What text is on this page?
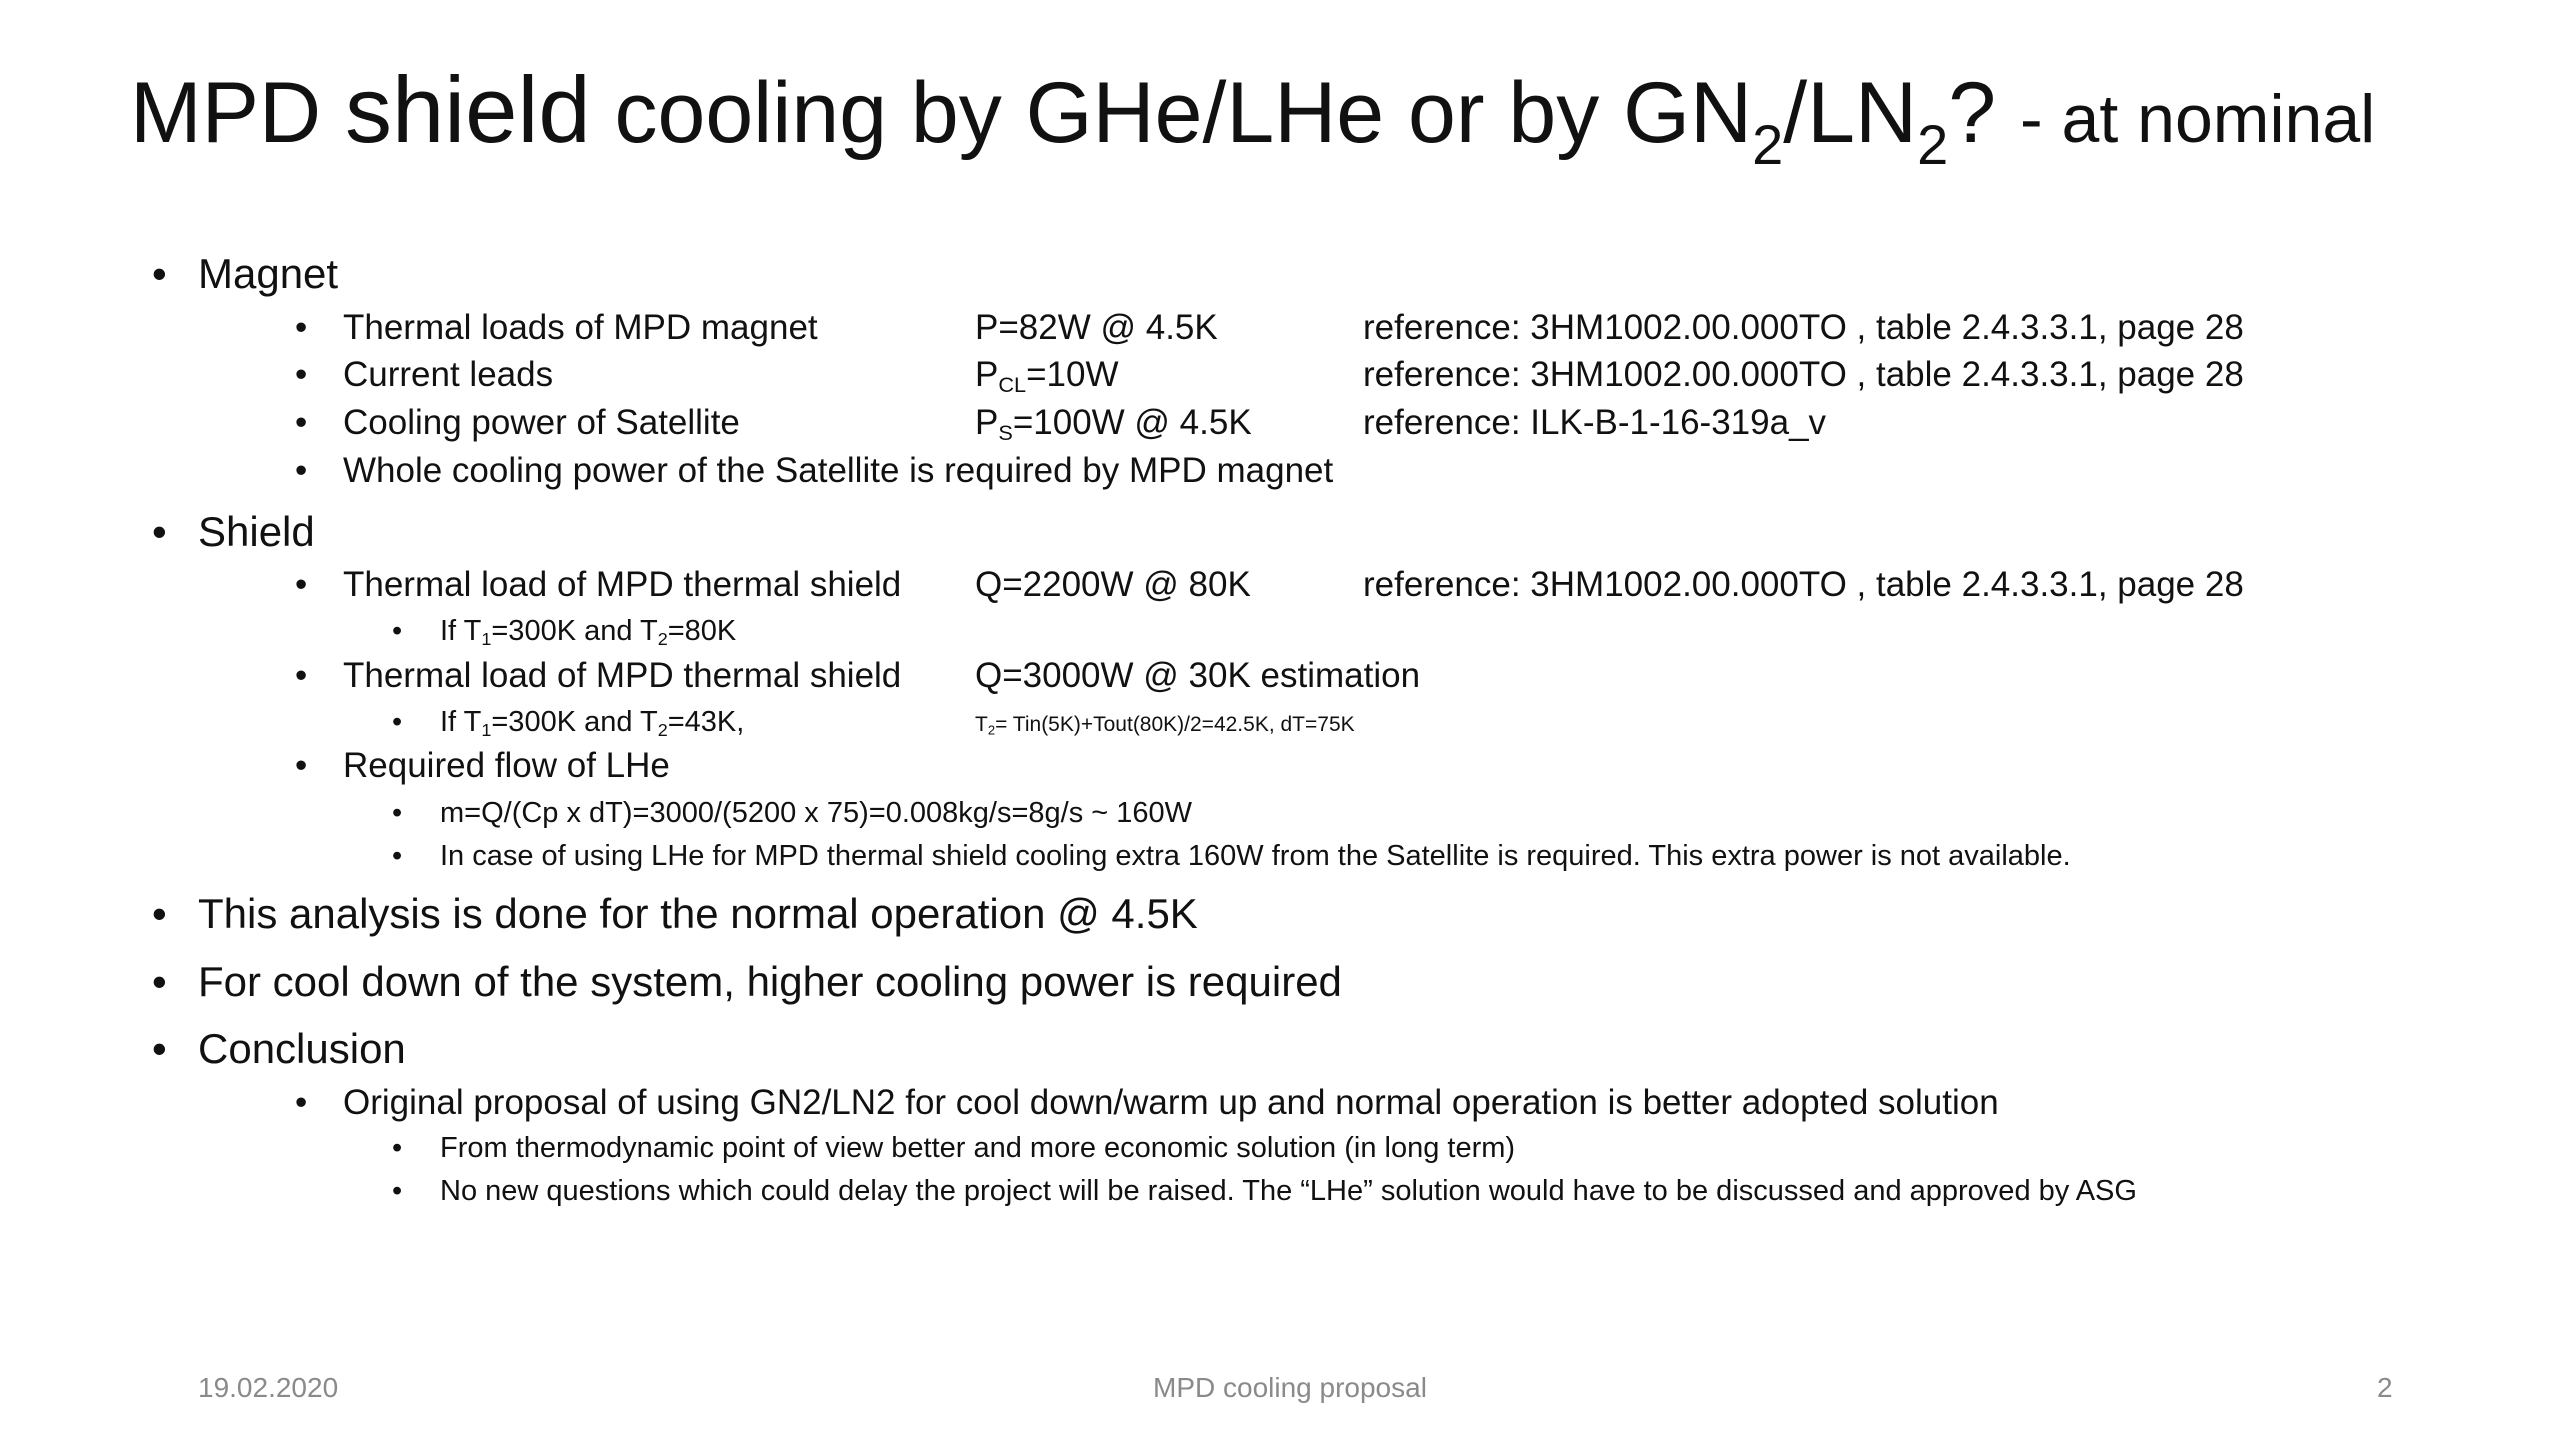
MPD shield cooling by GHe/LHe or by $GN_2/LN_2$? - at nominal
• Magnet
• Thermal loads of MPD magnet	P=82W @ 4.5K	reference: 3HM1002.00.000TO , table 2.4.3.3.1, page 28
• Current leads	$P_{CL}=10W$	reference: 3HM1002.00.000TO , table 2.4.3.3.1, page 28
• Cooling power of Satellite	$P_S=100W$ @ 4.5K	reference: ILK-B-1-16-319a_v
• Whole cooling power of the Satellite is required by MPD magnet
• Shield
• Thermal load of MPD thermal shield Q=2200W @ 80K	reference: 3HM1002.00.000TO , table 2.4.3.3.1, page 28
• If $T_1=300K$ and $T_2=80K$
• Thermal load of MPD thermal shield Q=3000W @ 30K estimation
• If $T_1=300K$ and $T_2=43K$,	$T_2=$ Tin(5K)+Tout(80K)/2=42.5K, dT=75K
• Required flow of LHe
• m=Q/(Cp x dT)=3000/(5200 x 75)=0.008kg/s=8g/s ~ 160W
• In case of using LHe for MPD thermal shield cooling extra 160W from the Satellite is required. This extra power is not available.
• This analysis is done for the normal operation @ 4.5K
• For cool down of the system, higher cooling power is required
• Conclusion
• Original proposal of using GN2/LN2 for cool down/warm up and normal operation is better adopted solution
• From thermodynamic point of view better and more economic solution (in long term)
• No new questions which could delay the project will be raised. The “LHe” solution would have to be discussed and approved by ASG
19.02.2020	MPD cooling proposal	2
